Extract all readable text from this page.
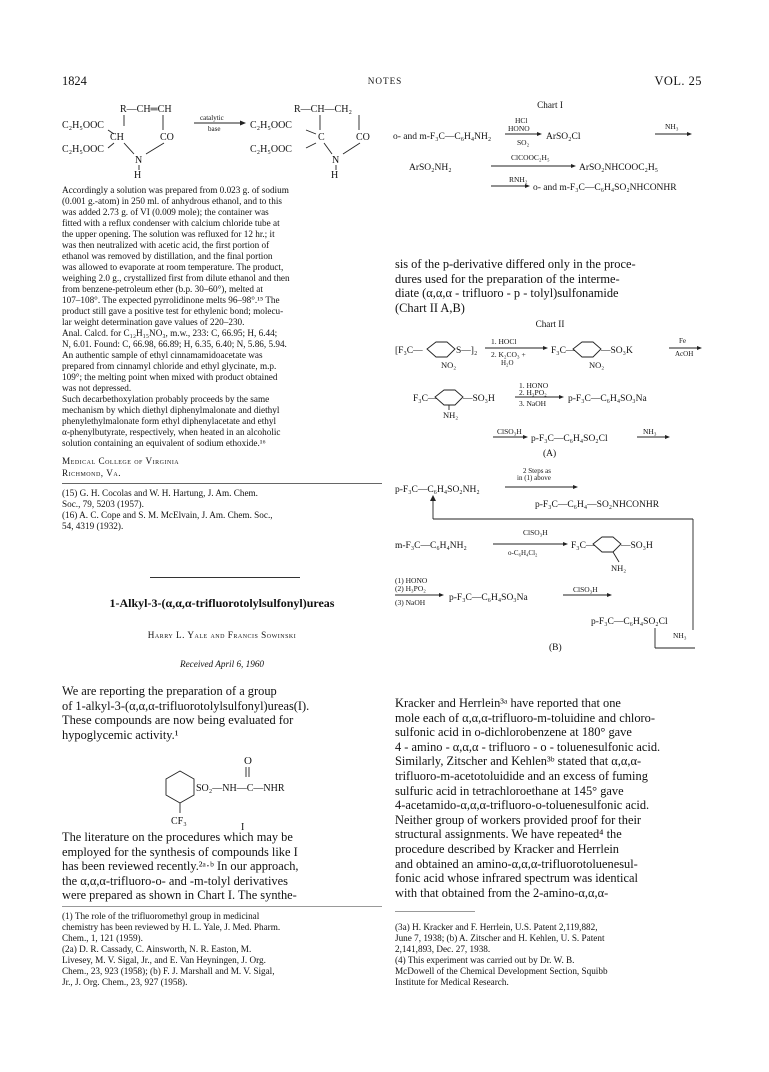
1824	NOTES	VOL. 25
R—CH═CH
C₂H₅OOC
CH	CO
C₂H₅OOC
N
H
catalytic
base
R—CH—CH₂
C₂H₅OOC
C	CO
C₂H₅OOC
N
H
Accordingly a solution was prepared from 0.023 g. of sodium
(0.001 g.-atom) in 250 ml. of anhydrous ethanol, and to this
was added 2.73 g. of VI (0.009 mole); the container was
fitted with a reflux condenser with calcium chloride tube at
the upper opening. The solution was refluxed for 12 hr.; it
was then neutralized with acetic acid, the first portion of
ethanol was removed by distillation, and the final portion
was allowed to evaporate at room temperature. The product,
weighing 2.0 g., crystallized first from dilute ethanol and then
from benzene-petroleum ether (b.p. 30–60°), melted at
107–108°. The expected pyrrolidinone melts 96–98°.¹⁵ The
product still gave a positive test for ethylenic bond; molecu-
lar weight determination gave values of 220–230.
Anal. Calcd. for C₁₂H₁₅NO₃, m.w., 233: C, 66.95; H, 6.44;
N, 6.01. Found: C, 66.98, 66.89; H, 6.35, 6.40; N, 5.86, 5.94.
An authentic sample of ethyl cinnamamidoacetate was
prepared from cinnamyl chloride and ethyl glycinate, m.p.
109°; the melting point when mixed with product obtained
was not depressed.
Such decarbethoxylation probably proceeds by the same
mechanism by which diethyl diphenylmalonate and diethyl
phenylethylmalonate form ethyl diphenylacetate and ethyl
α-phenylbutyrate, respectively, when heated in an alcoholic
solution containing an equivalent of sodium ethoxide.¹⁶
Medical College of Virginia
Richmond, Va.
(15) G. H. Cocolas and W. H. Hartung, J. Am. Chem.
Soc., 79, 5203 (1957).
(16) A. C. Cope and S. M. McElvain, J. Am. Chem. Soc.,
54, 4319 (1932).
1-Alkyl-3-(α,α,α-trifluorotolylsulfonyl)ureas
Harry L. Yale and Francis Sowinski
Received April 6, 1960
We are reporting the preparation of a group
of 1-alkyl-3-(α,α,α-trifluorotolylsulfonyl)ureas(I).
These compounds are now being evaluated for
hypoglycemic activity.¹
O
SO₂—NH—C—NHR
CF₃
I
The literature on the procedures which may be
employed for the synthesis of compounds like I
has been reviewed recently.²ᵃ·ᵇ In our approach,
the α,α,α-trifluoro-o- and -m-tolyl derivatives
were prepared as shown in Chart I. The synthe-
(1) The role of the trifluoromethyl group in medicinal
chemistry has been reviewed by H. L. Yale, J. Med. Pharm.
Chem., 1, 121 (1959).
(2a) D. R. Cassady, C. Ainsworth, N. R. Easton, M.
Livesey, M. V. Sigal, Jr., and E. Van Heyningen, J. Org.
Chem., 23, 923 (1958); (b) F. J. Marshall and M. V. Sigal,
Jr., J. Org. Chem., 23, 927 (1958).
Chart I
o- and m-F₃C—C₆H₄NH₂
HCl
HONO
SO₂
ArSO₂Cl
NH₃
ClCOOC₂H₅
ArSO₂NH₂	ArSO₂NHCOOC₂H₅
RNH₂
o- and m-F₃C—C₆H₄SO₂NHCONHR
sis of the p-derivative differed only in the proce-
dures used for the preparation of the interme-
diate (α,α,α - trifluoro - p - tolyl)sulfonamide
(Chart II A,B)
Chart II
[F₃C—	S—]₂
NO₂
1. HOCl
2. K₂CO₃ +
H₂O
F₃C—	—SO₃K
NO₂
Fe
AcOH
F₃C—	—SO₃H
NH₂
1. HONO
2. H₃PO₂
3. NaOH p-F₃C—C₆H₄SO₃Na
ClSO₃H
p-F₃C—C₆H₄SO₂Cl
NH₃
(A)
2 Steps as
in (1) above
p-F₃C—C₆H₄SO₂NH₂
p-F₃C—C₆H₄—SO₂NHCONHR
ClSO₃H
m-F₃C—C₆H₄NH₂
o-C₆H₄Cl₂
F₃C—	—SO₃H
NH₂
(1) HONO
(2) H₃PO₂
(3) NaOH	p-F₃C—C₆H₄SO₃Na
ClSO₃H
p-F₃C—C₆H₄SO₂Cl
NH₃
(B)
Kracker and Herrlein³ᵃ have reported that one
mole each of α,α,α-trifluoro-m-toluidine and chloro-
sulfonic acid in o-dichlorobenzene at 180° gave
4 - amino - α,α,α - trifluoro - o - toluenesulfonic acid.
Similarly, Zitscher and Kehlen³ᵇ stated that α,α,α-
trifluoro-m-acetotoluidide and an excess of fuming
sulfuric acid in tetrachloroethane at 145° gave
4-acetamido-α,α,α-trifluoro-o-toluenesulfonic acid.
Neither group of workers provided proof for their
structural assignments. We have repeated⁴ the
procedure described by Kracker and Herrlein
and obtained an amino-α,α,α-trifluorotoluenesul-
fonic acid whose infrared spectrum was identical
with that obtained from the 2-amino-α,α,α-
(3a) H. Kracker and F. Herrlein, U.S. Patent 2,119,882,
June 7, 1938; (b) A. Zitscher and H. Kehlen, U. S. Patent
2,141,893, Dec. 27, 1938.
(4) This experiment was carried out by Dr. W. B.
McDowell of the Chemical Development Section, Squibb
Institute for Medical Research.
